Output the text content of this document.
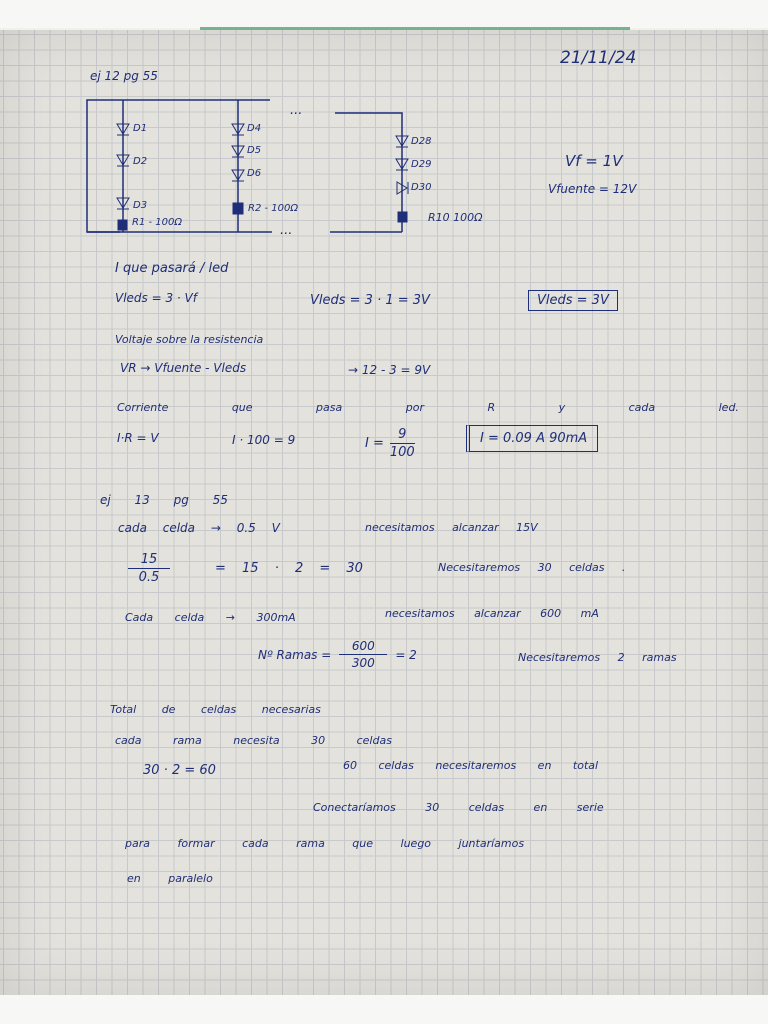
21/11/24
ej 12 pg 55
...
...
D1
D2
D3
R1 - 100Ω
D4
D5
D6
R2 - 100Ω
D28
D29
D30
R10 100Ω
Vf = 1V
Vfuente = 12V
I que pasará / led
Vleds = 3 · Vf	Vleds = 3 · 1 = 3V	Vleds = 3V
Voltaje sobre la resistencia
VR → Vfuente - Vleds	→ 12 - 3 = 9V
Corriente que pasa por R y cada led.
I·R = V	I · 100 = 9	$I = \frac{9}{100}$	I = 0.09 A 90mA
ej 13 pg 55
cada celda → 0.5 V	necesitamos alcanzar 15V
$\frac{15}{0.5}$	= 15 · 2 = 30	Necesitaremos 30 celdas .
Cada celda → 300mA	necesitamos alcanzar 600 mA
Nº Ramas = $\frac{600}{300} = 2$	Necesitaremos 2 ramas
Total de celdas necesarias
cada rama necesita 30 celdas
30 · 2 = 60	60 celdas necesitaremos en total
Conectaríamos 30 celdas en serie
para formar cada rama que luego juntaríamos
en paralelo
